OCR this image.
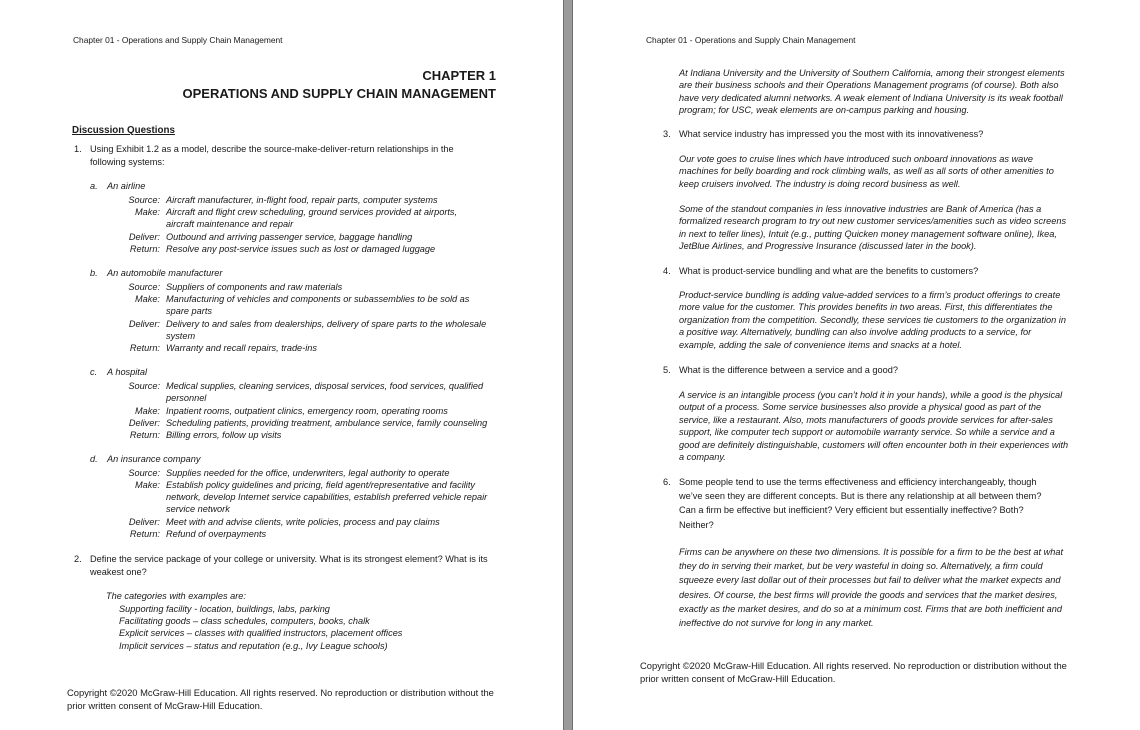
Chapter 01 - Operations and Supply Chain Management
CHAPTER 1
OPERATIONS AND SUPPLY CHAIN MANAGEMENT
Discussion Questions
1. Using Exhibit 1.2 as a model, describe the source-make-deliver-return relationships in the following systems:
a. An airline
Source: Aircraft manufacturer, in-flight food, repair parts, computer systems
Make: Aircraft and flight crew scheduling, ground services provided at airports, aircraft maintenance and repair
Deliver: Outbound and arriving passenger service, baggage handling
Return: Resolve any post-service issues such as lost or damaged luggage
b. An automobile manufacturer
Source: Suppliers of components and raw materials
Make: Manufacturing of vehicles and components or subassemblies to be sold as spare parts
Deliver: Delivery to and sales from dealerships, delivery of spare parts to the wholesale system
Return: Warranty and recall repairs, trade-ins
c. A hospital
Source: Medical supplies, cleaning services, disposal services, food services, qualified personnel
Make: Inpatient rooms, outpatient clinics, emergency room, operating rooms
Deliver: Scheduling patients, providing treatment, ambulance service, family counseling
Return: Billing errors, follow up visits
d. An insurance company
Source: Supplies needed for the office, underwriters, legal authority to operate
Make: Establish policy guidelines and pricing, field agent/representative and facility network, develop Internet service capabilities, establish preferred vehicle repair service network
Deliver: Meet with and advise clients, write policies, process and pay claims
Return: Refund of overpayments
2. Define the service package of your college or university. What is its strongest element? What is its weakest one?
The categories with examples are:
Supporting facility - location, buildings, labs, parking
Facilitating goods – class schedules, computers, books, chalk
Explicit services – classes with qualified instructors, placement offices
Implicit services – status and reputation (e.g., Ivy League schools)
Copyright ©2020 McGraw-Hill Education. All rights reserved. No reproduction or distribution without the prior written consent of McGraw-Hill Education.
Chapter 01 - Operations and Supply Chain Management
At Indiana University and the University of Southern California, among their strongest elements are their business schools and their Operations Management programs (of course). Both also have very dedicated alumni networks. A weak element of Indiana University is its weak football program; for USC, weak elements are on-campus parking and housing.
3. What service industry has impressed you the most with its innovativeness?
Our vote goes to cruise lines which have introduced such onboard innovations as wave machines for belly boarding and rock climbing walls, as well as all sorts of other amenities to keep cruisers involved. The industry is doing record business as well.
Some of the standout companies in less innovative industries are Bank of America (has a formalized research program to try out new customer services/amenities such as video screens in next to teller lines), Intuit (e.g., putting Quicken money management software online), Ikea, JetBlue Airlines, and Progressive Insurance (discussed later in the book).
4. What is product-service bundling and what are the benefits to customers?
Product-service bundling is adding value-added services to a firm’s product offerings to create more value for the customer. This provides benefits in two areas. First, this differentiates the organization from the competition. Secondly, these services tie customers to the organization in a positive way. Alternatively, bundling can also involve adding products to a service, for example, adding the sale of convenience items and snacks at a hotel.
5. What is the difference between a service and a good?
A service is an intangible process (you can’t hold it in your hands), while a good is the physical output of a process. Some service businesses also provide a physical good as part of the service, like a restaurant. Also, mots manufacturers of goods provide services for after-sales support, like computer tech support or automobile warranty service. So while a service and a good are definitely distinguishable, customers will often encounter both in their experiences with a company.
6. Some people tend to use the terms effectiveness and efficiency interchangeably, though we’ve seen they are different concepts. But is there any relationship at all between them? Can a firm be effective but inefficient? Very efficient but essentially ineffective? Both? Neither?
Firms can be anywhere on these two dimensions. It is possible for a firm to be the best at what they do in serving their market, but be very wasteful in doing so. Alternatively, a firm could squeeze every last dollar out of their processes but fail to deliver what the market expects and desires. Of course, the best firms will provide the goods and services that the market desires, exactly as the market desires, and do so at a minimum cost. Firms that are both inefficient and ineffective do not survive for long in any market.
Copyright ©2020 McGraw-Hill Education. All rights reserved. No reproduction or distribution without the prior written consent of McGraw-Hill Education.
